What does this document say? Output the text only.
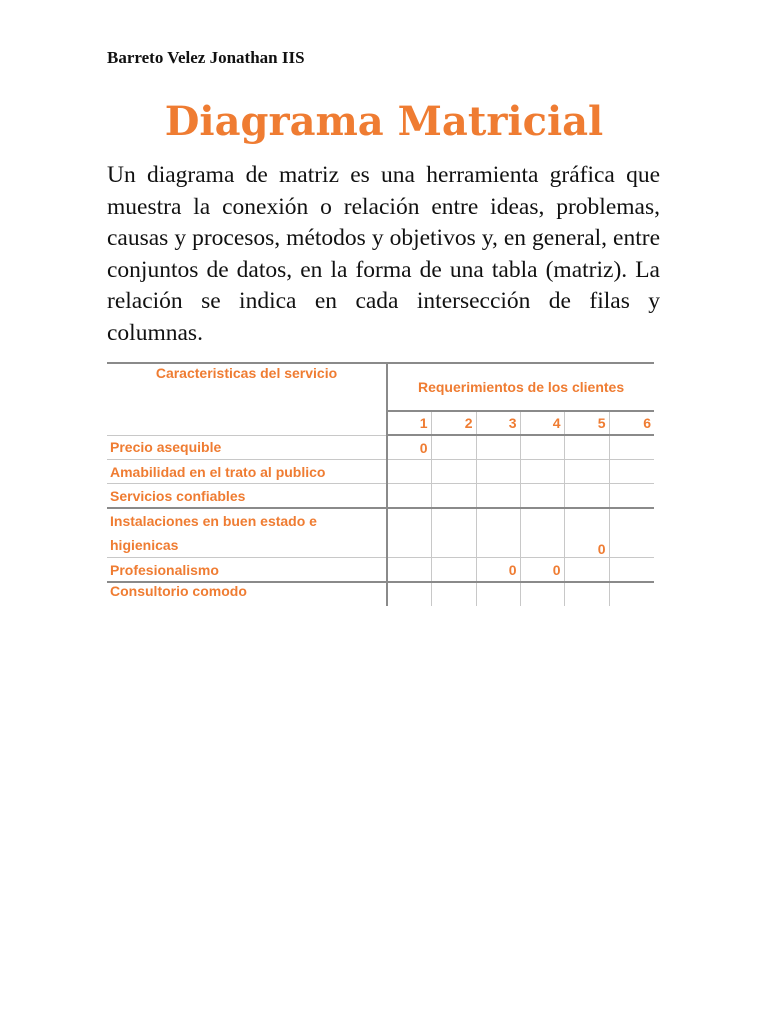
Barreto Velez Jonathan IIS
Diagrama Matricial
Un diagrama de matriz es una herramienta gráfica que muestra la conexión o relación entre ideas, problemas, causas y procesos, métodos y objetivos y, en general, entre conjuntos de datos, en la forma de una tabla (matriz). La relación se indica en cada intersección de filas y columnas.
Caracteristicas del servicio	Requerimientos de los clientes					
	1	2	3	4	5	6
Precio asequible	0					
Amabilidad en el trato al publico						
Servicios confiables						
Instalaciones en buen estado e higienicas					0	
Profesionalismo			0	0		
Consultorio comodo						
